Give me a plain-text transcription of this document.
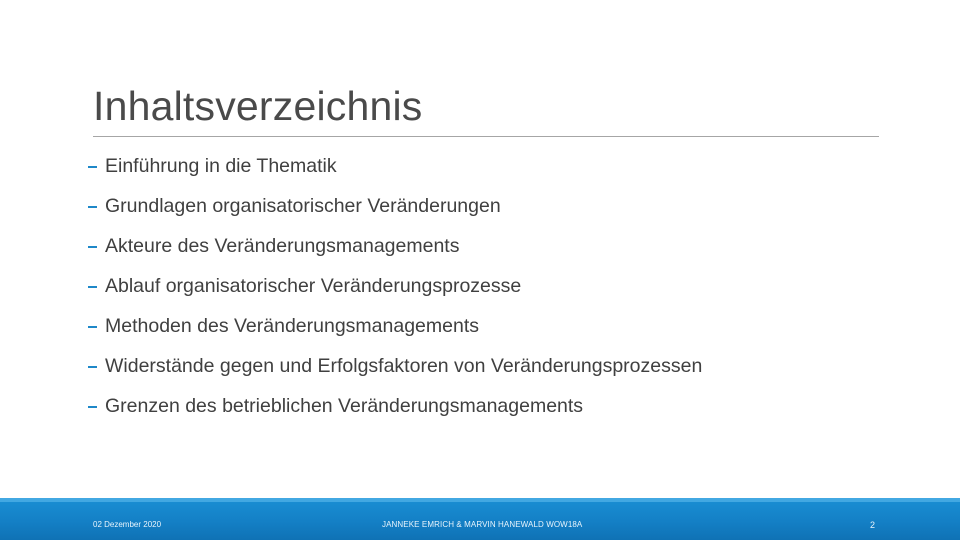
Inhaltsverzeichnis
Einführung in die Thematik
Grundlagen organisatorischer Veränderungen
Akteure des Veränderungsmanagements
Ablauf organisatorischer Veränderungsprozesse
Methoden des Veränderungsmanagements
Widerstände gegen und Erfolgsfaktoren von Veränderungsprozessen
Grenzen des betrieblichen Veränderungsmanagements
02 Dezember 2020	JANNEKE EMRICH & MARVIN HANEWALD WOW18A	2
